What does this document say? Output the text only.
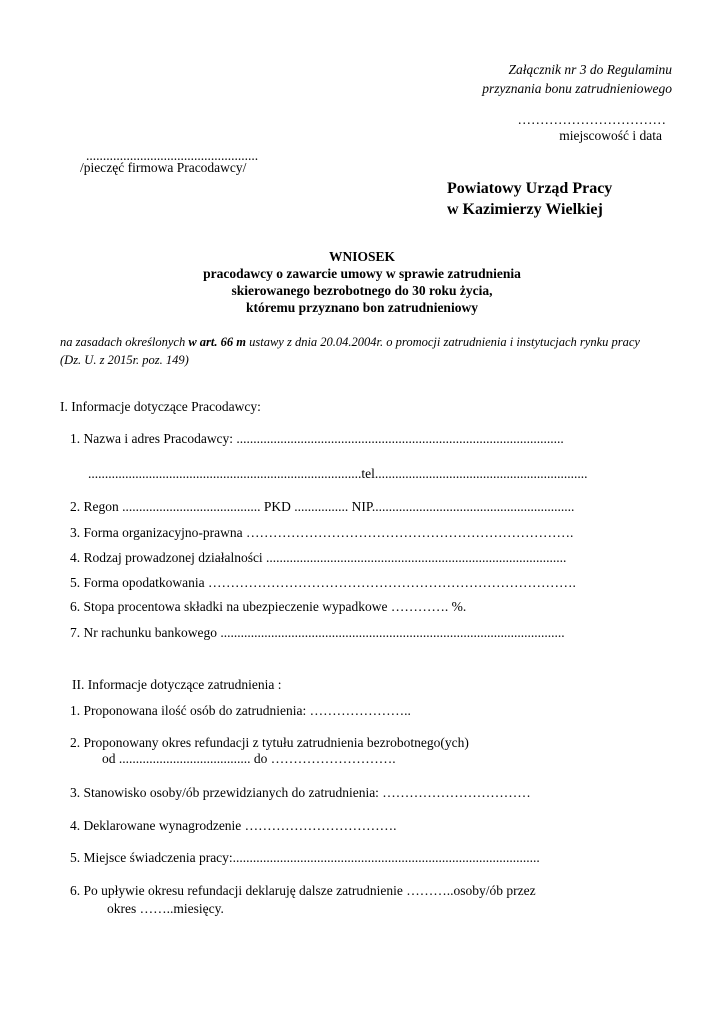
Załącznik nr 3 do Regulaminu
przyznania bonu zatrudnieniowego
……………………………
miejscowość i data
...................................................
/pieczęć firmowa Pracodawcy/
Powiatowy Urząd Pracy
w Kazimierzy Wielkiej
WNIOSEK
pracodawcy o zawarcie umowy w sprawie zatrudnienia
skierowanego bezrobotnego do 30 roku życia,
któremu przyznano bon zatrudnieniowy
na zasadach określonych w art. 66 m ustawy z dnia 20.04.2004r. o promocji zatrudnienia i instytucjach rynku pracy (Dz. U. z 2015r. poz. 149)
I. Informacje dotyczące Pracodawcy:
1. Nazwa i adres Pracodawcy: .................................................................................................
.................................................................................tel...............................................................
2. Regon ......................................... PKD ................ NIP............................................................
3. Forma organizacyjno-prawna ……………………………………………………………….
4. Rodzaj prowadzonej działalności .........................................................................................
5. Forma opodatkowania ……………………………………………………………………….
6. Stopa procentowa składki na ubezpieczenie wypadkowe …………. %.
7. Nr rachunku bankowego ......................................................................................................
II. Informacje dotyczące zatrudnienia :
1. Proponowana ilość osób do zatrudnienia: …………………..
2. Proponowany okres refundacji z tytułu zatrudnienia bezrobotnego(ych)
od ....................................... do ……………………….
3. Stanowisko osoby/ób przewidzianych do zatrudnienia: ……………………………
4. Deklarowane wynagrodzenie …………………………….
5. Miejsce świadczenia pracy:...........................................................................................
6. Po upływie okresu refundacji deklaruję dalsze zatrudnienie ………..osoby/ób przez
okres ……..miesięcy.
